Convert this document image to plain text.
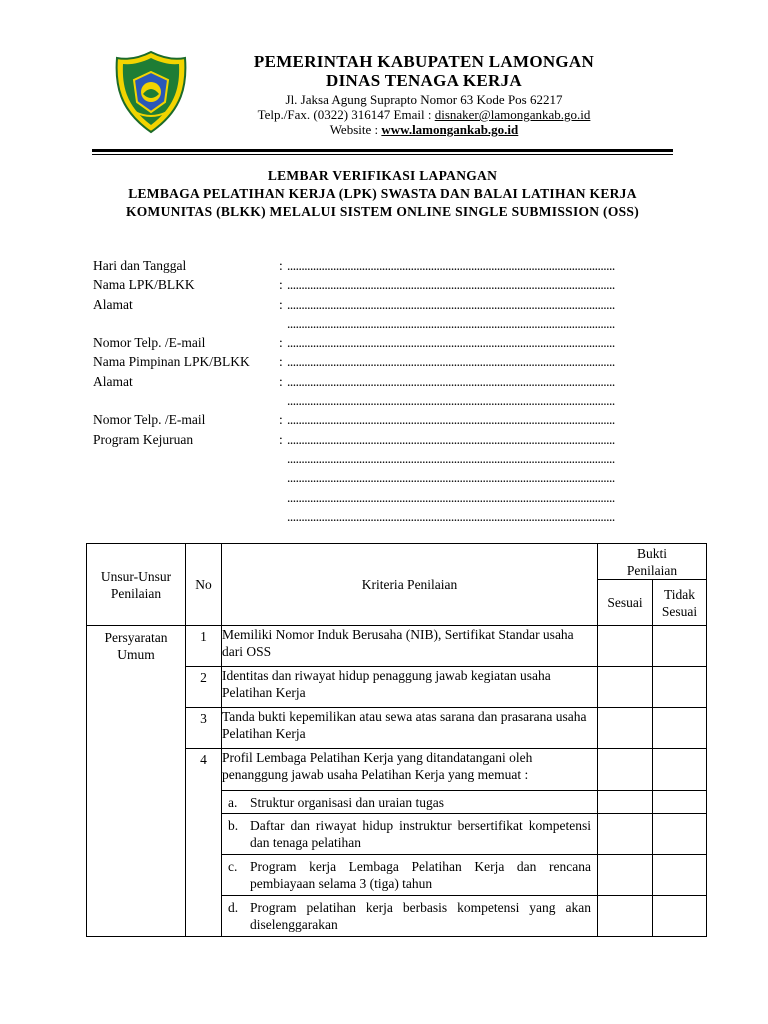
PEMERINTAH KABUPATEN LAMONGAN
DINAS TENAGA KERJA
Jl. Jaksa Agung Suprapto Nomor 63 Kode Pos 62217
Telp./Fax. (0322) 316147 Email : disnaker@lamongankab.go.id
Website : www.lamongankab.go.id
LEMBAR VERIFIKASI LAPANGAN
LEMBAGA PELATIHAN KERJA (LPK) SWASTA DAN BALAI LATIHAN KERJA
KOMUNITAS (BLKK) MELALUI SISTEM ONLINE SINGLE SUBMISSION (OSS)
Hari dan Tanggal	: ..................................................................................................................
Nama LPK/BLKK	: ..................................................................................................................
Alamat	: ..................................................................................................................
..................................................................................................................
Nomor Telp. /E-mail	: ..................................................................................................................
Nama Pimpinan LPK/BLKK : ..................................................................................................................
Alamat	: ..................................................................................................................
..................................................................................................................
Nomor Telp. /E-mail	: ..................................................................................................................
Program Kejuruan	: ..................................................................................................................
..................................................................................................................
..................................................................................................................
..................................................................................................................
..................................................................................................................
Unsur-Unsur Penilaian	No	Kriteria Penilaian	Bukti Penilaian	
			Sesuai	Tidak Sesuai
Persyaratan Umum	1	Memiliki Nomor Induk Berusaha (NIB), Sertifikat Standar usaha dari OSS		
	2	Identitas dan riwayat hidup penaggung jawab kegiatan usaha Pelatihan Kerja		
	3	Tanda bukti kepemilikan atau sewa atas sarana dan prasarana usaha Pelatihan Kerja		
	4	Profil Lembaga Pelatihan Kerja yang ditandatangani oleh penanggung jawab usaha Pelatihan Kerja yang memuat :		

		a. Struktur organisasi dan uraian tugas		

		b. Daftar dan riwayat hidup instruktur bersertifikat kompetensi dan tenaga pelatihan		

		c. Program kerja Lembaga Pelatihan Kerja dan rencana pembiayaan selama 3 (tiga) tahun		

		d. Program pelatihan kerja berbasis kompetensi yang akan diselenggarakan		
